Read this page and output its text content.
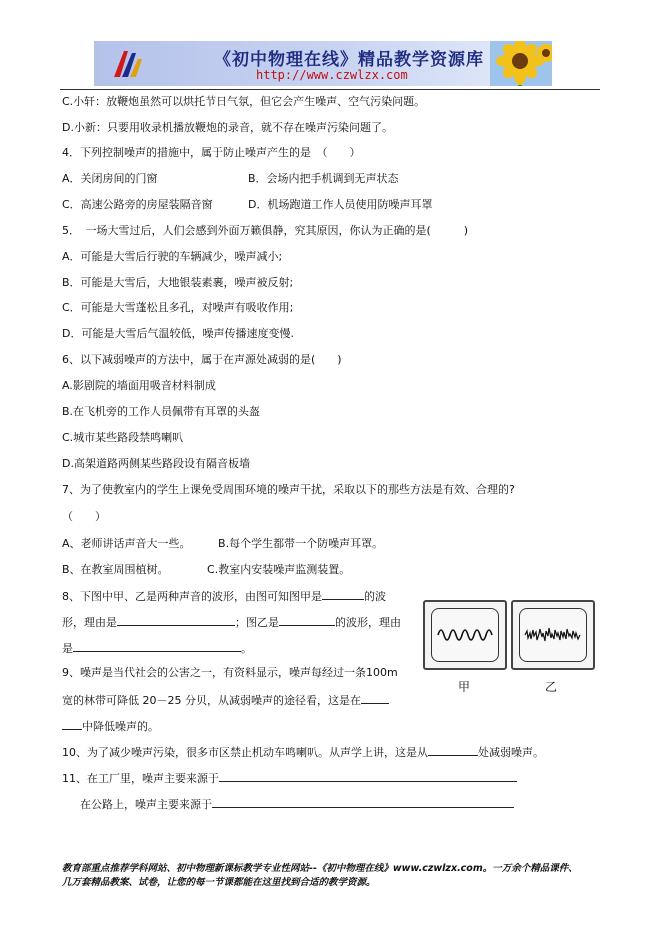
《初中物理在线》精品教学资源库
http://www.czwlzx.com
C.小轩：放鞭炮虽然可以烘托节日气氛，但它会产生噪声、空气污染问题。
D.小新：只要用收录机播放鞭炮的录音，就不存在噪声污染问题了。
4．下列控制噪声的措施中，属于防止噪声产生的是　（　　）
A．关闭房间的门窗	B．会场内把手机调到无声状态
C．高速公路旁的房屋装隔音窗	D．机场跑道工作人员使用防噪声耳罩
5．　一场大雪过后，人们会感到外面万籁俱静，究其原因，你认为正确的是(　　　)
A．可能是大雪后行驶的车辆减少，噪声减小;
B．可能是大雪后，大地银装素裹，噪声被反射;
C．可能是大雪蓬松且多孔，对噪声有吸收作用;
D．可能是大雪后气温较低，噪声传播速度变慢.
6、以下减弱噪声的方法中，属于在声源处减弱的是(　　)
A.影剧院的墙面用吸音材料制成
B.在飞机旁的工作人员佩带有耳罩的头盔
C.城市某些路段禁鸣喇叭
D.高架道路两侧某些路段设有隔音板墙
7、为了使教室内的学生上课免受周围环境的噪声干扰，采取以下的那些方法是有效、合理的?
（　　）
A、老师讲话声音大一些。　　　B.每个学生都带一个防噪声耳罩。
B、在教室周围植树。　　　　C.教室内安装噪声监测装置。
8、下图中甲、乙是两种声音的波形，由图可知图甲是	的波
形，理由是	；图乙是	的波形，理由
是	。
甲	乙
9、噪声是当代社会的公害之一，有资料显示，噪声每经过一条100m
宽的林带可降低 20－25 分贝，从减弱噪声的途径看，这是在
中降低噪声的。
10、为了减少噪声污染，很多市区禁止机动车鸣喇叭。从声学上讲，这是从	处减弱噪声。
11、在工厂里，噪声主要来源于
在公路上，噪声主要来源于
教育部重点推荐学科网站、初中物理新课标教学专业性网站--《初中物理在线》www.czwlzx.com。一万余个精品课件、
几万套精品教案、试卷，让您的每一节课都能在这里找到合适的教学资源。
